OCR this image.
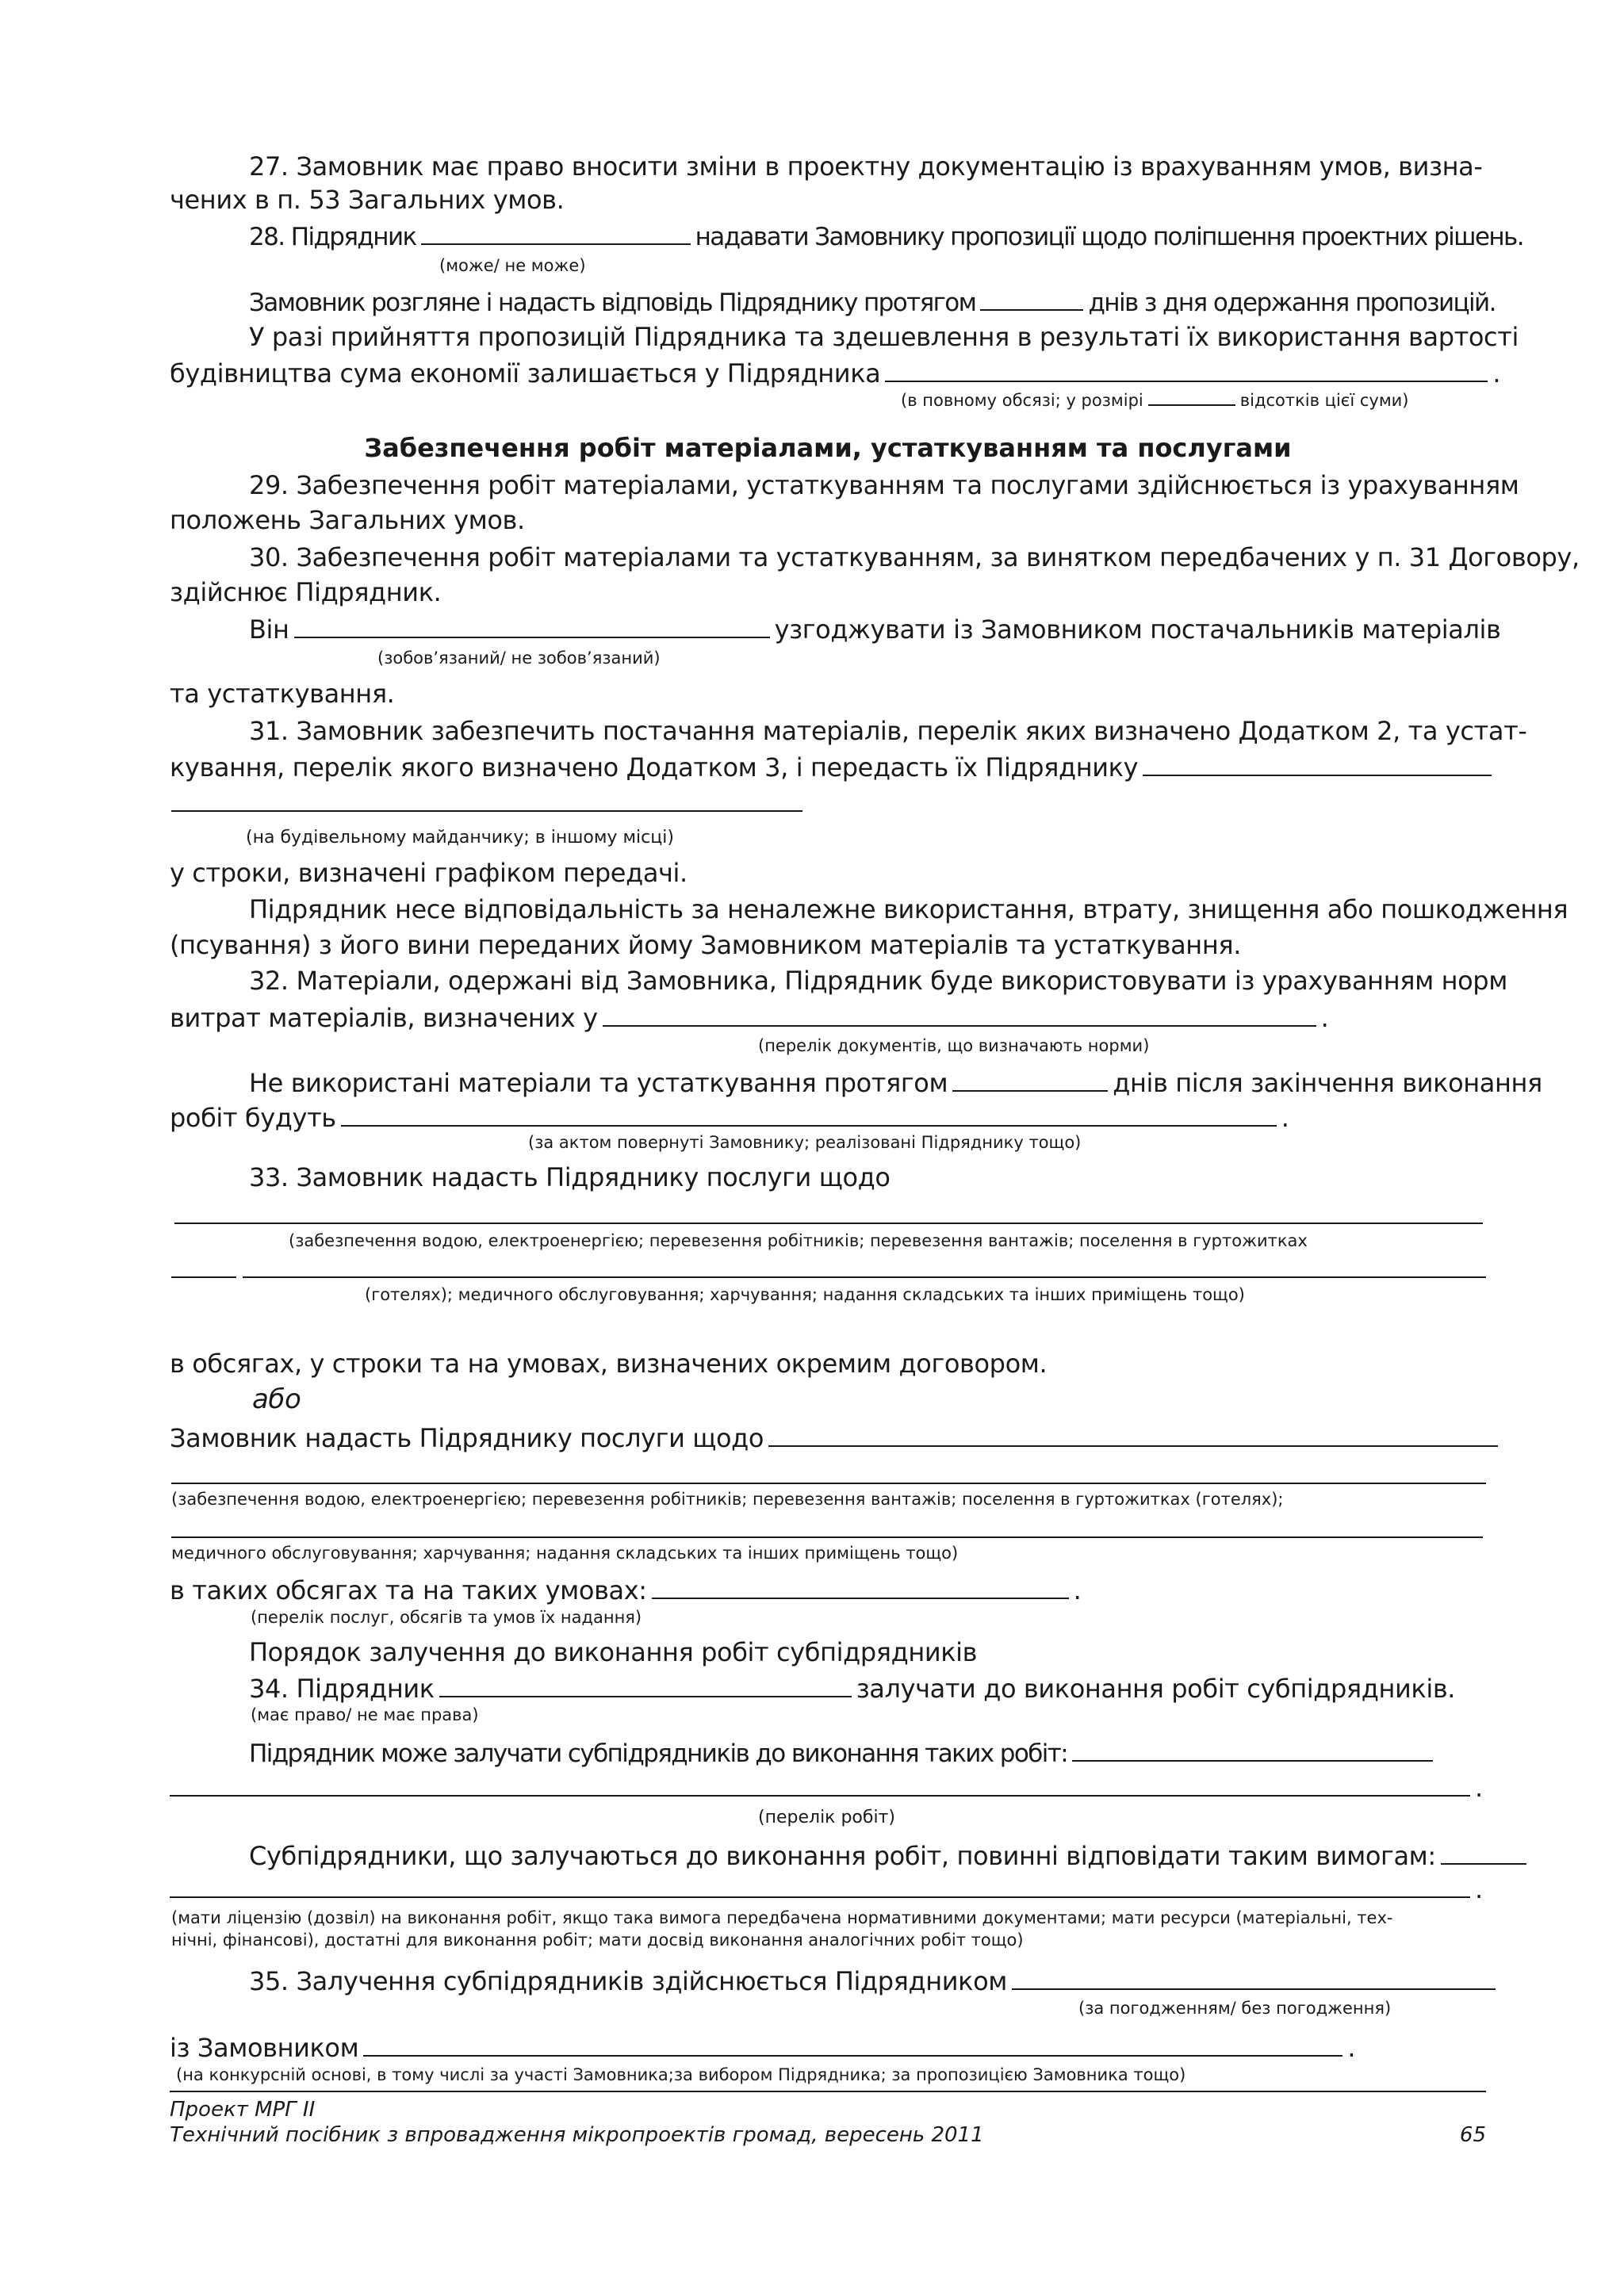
27. Замовник має право вносити зміни в проектну документацію із врахуванням умов, визна-
чених в п. 53 Загальних умов.
28. Підрядник	надавати Замовнику пропозиції щодо поліпшення проектних рішень.
(може/ не може)
Замовник розгляне і надасть відповідь Підряднику протягом	днів з дня одержання пропозицій.
У разі прийняття пропозицій Підрядника та здешевлення в результаті їх використання вартості
будівництва сума економії залишається у Підрядника	.
(в повному обсязі; у розмірі	відсотків цієї суми)
Забезпечення робіт матеріалами, устаткуванням та послугами
29. Забезпечення робіт матеріалами, устаткуванням та послугами здійснюється із урахуванням
положень Загальних умов.
30. Забезпечення робіт матеріалами та устаткуванням, за винятком передбачених у п. 31 Договору,
здійснює Підрядник.
Він	узгоджувати із Замовником постачальників матеріалів
(зобов’язаний/ не зобов’язаний)
та устаткування.
31. Замовник забезпечить постачання матеріалів, перелік яких визначено Додатком 2, та устат-
кування, перелік якого визначено Додатком 3, і передасть їх Підряднику
(на будівельному майданчику; в іншому місці)
у строки, визначені графіком передачі.
Підрядник несе відповідальність за неналежне використання, втрату, знищення або пошкодження
(псування) з його вини переданих йому Замовником матеріалів та устаткування.
32. Матеріали, одержані від Замовника, Підрядник буде використовувати із урахуванням норм
витрат матеріалів, визначених у	.
(перелік документів, що визначають норми)
Не використані матеріали та устаткування протягом	днів після закінчення виконання
робіт будуть	.
(за актом повернуті Замовнику; реалізовані Підряднику тощо)
33. Замовник надасть Підряднику послуги щодо
(забезпечення водою, електроенергією; перевезення робітників; перевезення вантажів; поселення в гуртожитках
(готелях); медичного обслуговування; харчування; надання складських та інших приміщень тощо)
в обсягах, у строки та на умовах, визначених окремим договором.
або
Замовник надасть Підряднику послуги щодо
(забезпечення водою, електроенергією; перевезення робітників; перевезення вантажів; поселення в гуртожитках (готелях);
медичного обслуговування; харчування; надання складських та інших приміщень тощо)
в таких обсягах та на таких умовах:	.
(перелік послуг, обсягів та умов їх надання)
Порядок залучення до виконання робіт субпідрядників
34. Підрядник	залучати до виконання робіт субпідрядників.
(має право/ не має права)
Підрядник може залучати субпідрядників до виконання таких робіт:
.
(перелік робіт)
Субпідрядники, що залучаються до виконання робіт, повинні відповідати таким вимогам:
.
(мати ліцензію (дозвіл) на виконання робіт, якщо така вимога передбачена нормативними документами; мати ресурси (матеріальні, тех-
нічні, фінансові), достатні для виконання робіт; мати досвід виконання аналогічних робіт тощо)
35. Залучення субпідрядників здійснюється Підрядником
(за погодженням/ без погодження)
із Замовником	.
(на конкурсній основі, в тому числі за участі Замовника;за вибором Підрядника; за пропозицією Замовника тощо)
Проект МРГ ІІ
Технічний посібник з впровадження мікропроектів громад, вересень 2011	65
